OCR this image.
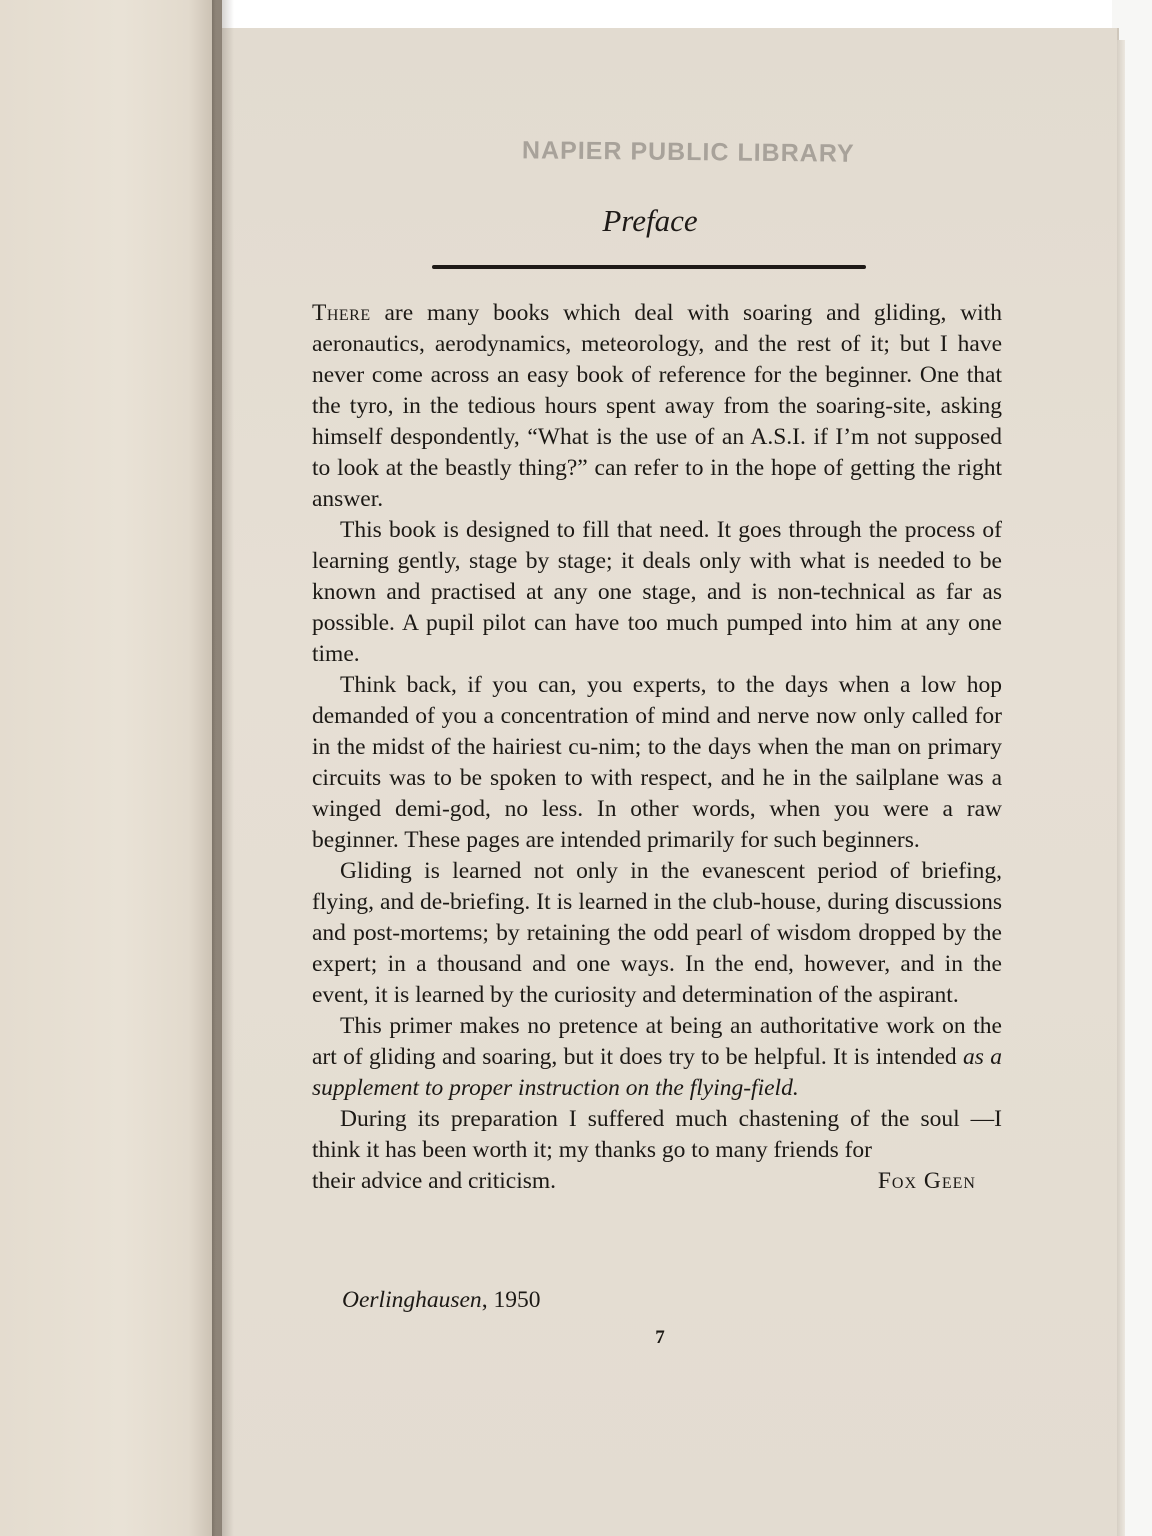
NAPIER PUBLIC LIBRARY
Preface

There are many books which deal with soaring and gliding, with aeronautics, aerodynamics, meteorology, and the rest of it; but I have never come across an easy book of reference for the beginner. One that the tyro, in the tedious hours spent away from the soaring-site, asking himself despondently, “What is the use of an A.S.I. if I’m not supposed to look at the beastly thing?” can refer to in the hope of getting the right answer.

This book is designed to fill that need. It goes through the process of learning gently, stage by stage; it deals only with what is needed to be known and practised at any one stage, and is non-technical as far as possible. A pupil pilot can have too much pumped into him at any one time.

Think back, if you can, you experts, to the days when a low hop demanded of you a concentration of mind and nerve now only called for in the midst of the hairiest cu-nim; to the days when the man on primary circuits was to be spoken to with respect, and he in the sailplane was a winged demi-god, no less. In other words, when you were a raw beginner. These pages are intended primarily for such beginners.

Gliding is learned not only in the evanescent period of briefing, flying, and de-briefing. It is learned in the club-house, during discussions and post-mortems; by retaining the odd pearl of wisdom dropped by the expert; in a thousand and one ways. In the end, however, and in the event, it is learned by the curiosity and determination of the aspirant.

This primer makes no pretence at being an authoritative work on the art of gliding and soaring, but it does try to be helpful. It is intended as a supplement to proper instruction on the flying-field.

During its preparation I suffered much chastening of the soul —I think it has been worth it; my thanks go to many friends for

their advice and criticism.	Fox Geen
Oerlinghausen, 1950
7
